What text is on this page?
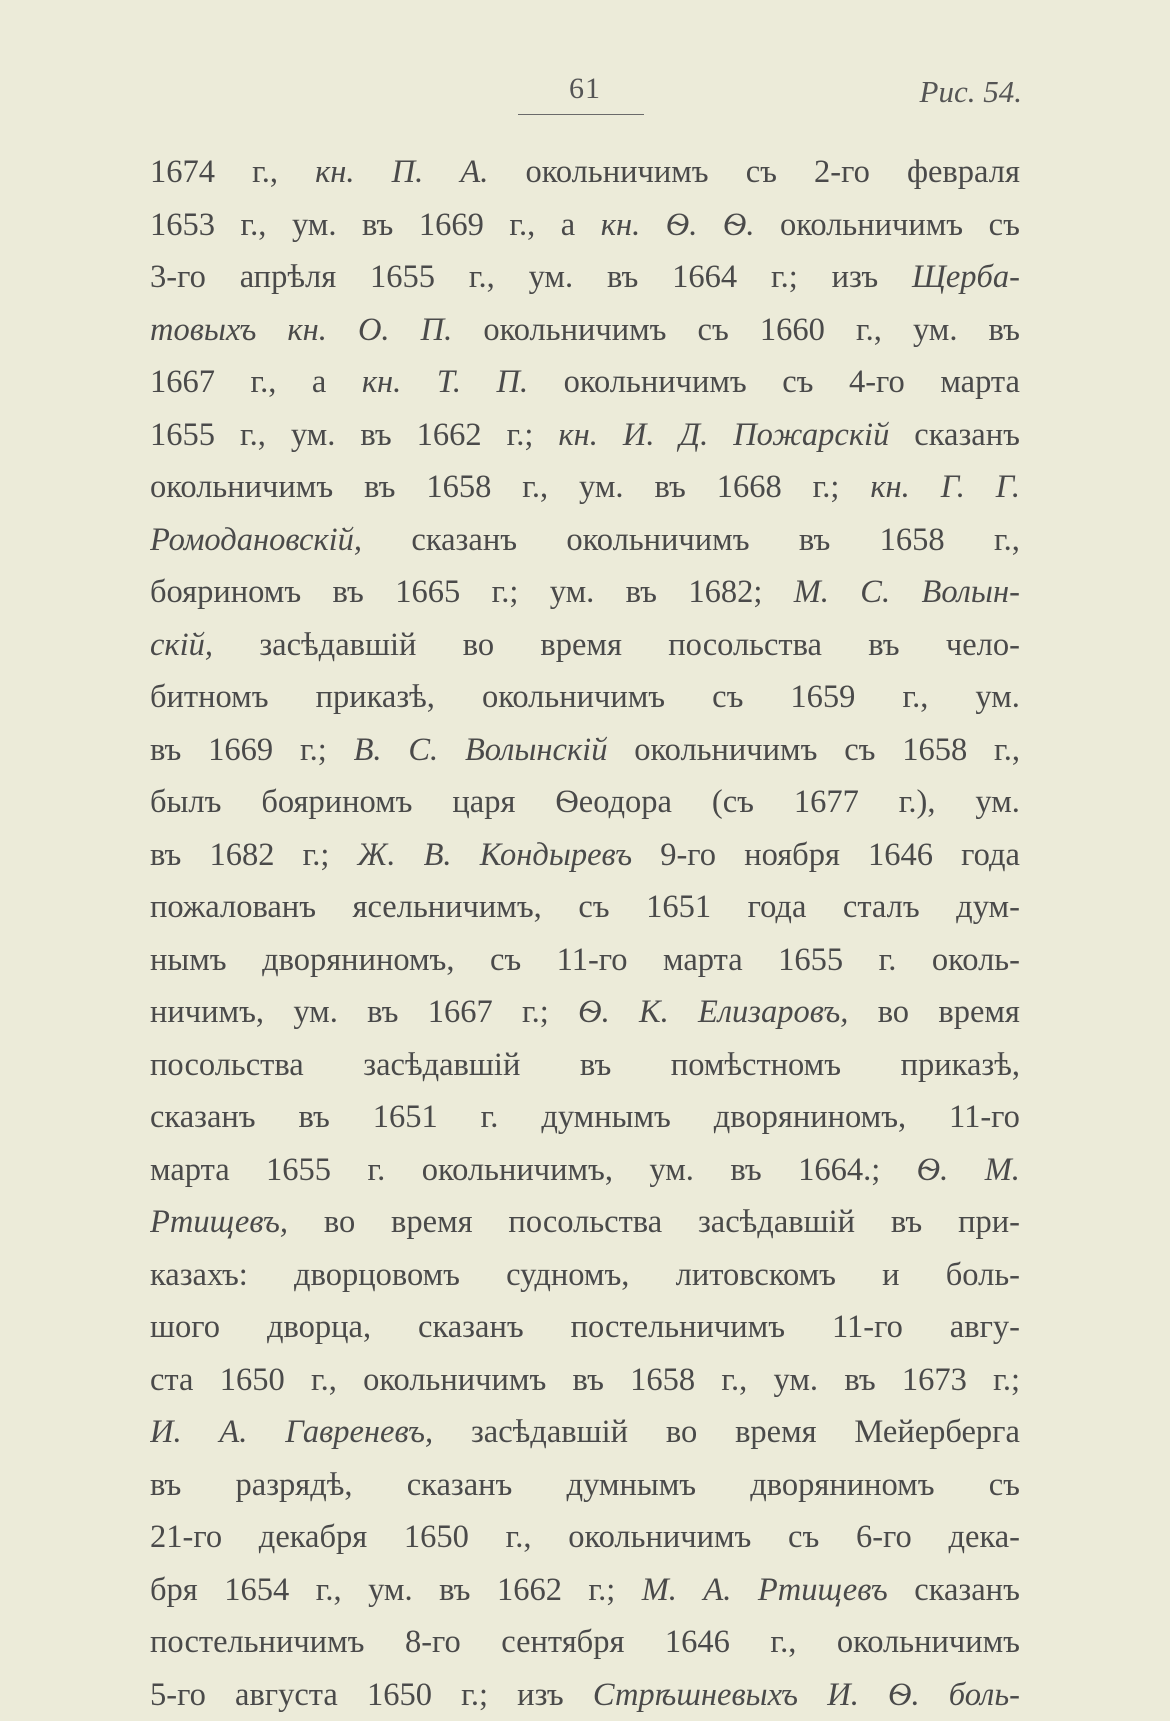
61	Рис. 54.
1674 г., кн. П. А. окольничимъ съ 2-го февраля
1653 г., ум. въ 1669 г., а кн. Ѳ. Ѳ. окольничимъ съ
3-го апрѣля 1655 г., ум. въ 1664 г.; изъ Щерба-
товыхъ кн. О. П. окольничимъ съ 1660 г., ум. въ
1667 г., а кн. Т. П. окольничимъ съ 4-го марта
1655 г., ум. въ 1662 г.; кн. И. Д. Пожарскій сказанъ
окольничимъ въ 1658 г., ум. въ 1668 г.; кн. Г. Г.
Ромодановскій, сказанъ окольничимъ въ 1658 г.,
бояриномъ въ 1665 г.; ум. въ 1682; М. С. Волын-
скій, засѣдавшій во время посольства въ чело-
битномъ приказѣ, окольничимъ съ 1659 г., ум.
въ 1669 г.; В. С. Волынскій окольничимъ съ 1658 г.,
былъ бояриномъ царя Ѳеодора (съ 1677 г.), ум.
въ 1682 г.; Ж. В. Кондыревъ 9-го ноября 1646 года
пожалованъ ясельничимъ, съ 1651 года сталъ дум-
нымъ дворяниномъ, съ 11-го марта 1655 г. околь-
ничимъ, ум. въ 1667 г.; Ѳ. К. Елизаровъ, во время
посольства засѣдавшій въ помѣстномъ приказѣ,
сказанъ въ 1651 г. думнымъ дворяниномъ, 11-го
марта 1655 г. окольничимъ, ум. въ 1664.; Ѳ. М.
Ртищевъ, во время посольства засѣдавшій въ при-
казахъ: дворцовомъ судномъ, литовскомъ и боль-
шого дворца, сказанъ постельничимъ 11-го авгу-
ста 1650 г., окольничимъ въ 1658 г., ум. въ 1673 г.;
И. А. Гавреневъ, засѣдавшій во время Мейерберга
въ разрядѣ, сказанъ думнымъ дворяниномъ съ
21-го декабря 1650 г., окольничимъ съ 6-го дека-
бря 1654 г., ум. въ 1662 г.; М. А. Ртищевъ сказанъ
постельничимъ 8-го сентября 1646 г., окольничимъ
5-го августа 1650 г.; изъ Стрѣшневыхъ И. Ѳ. боль-
